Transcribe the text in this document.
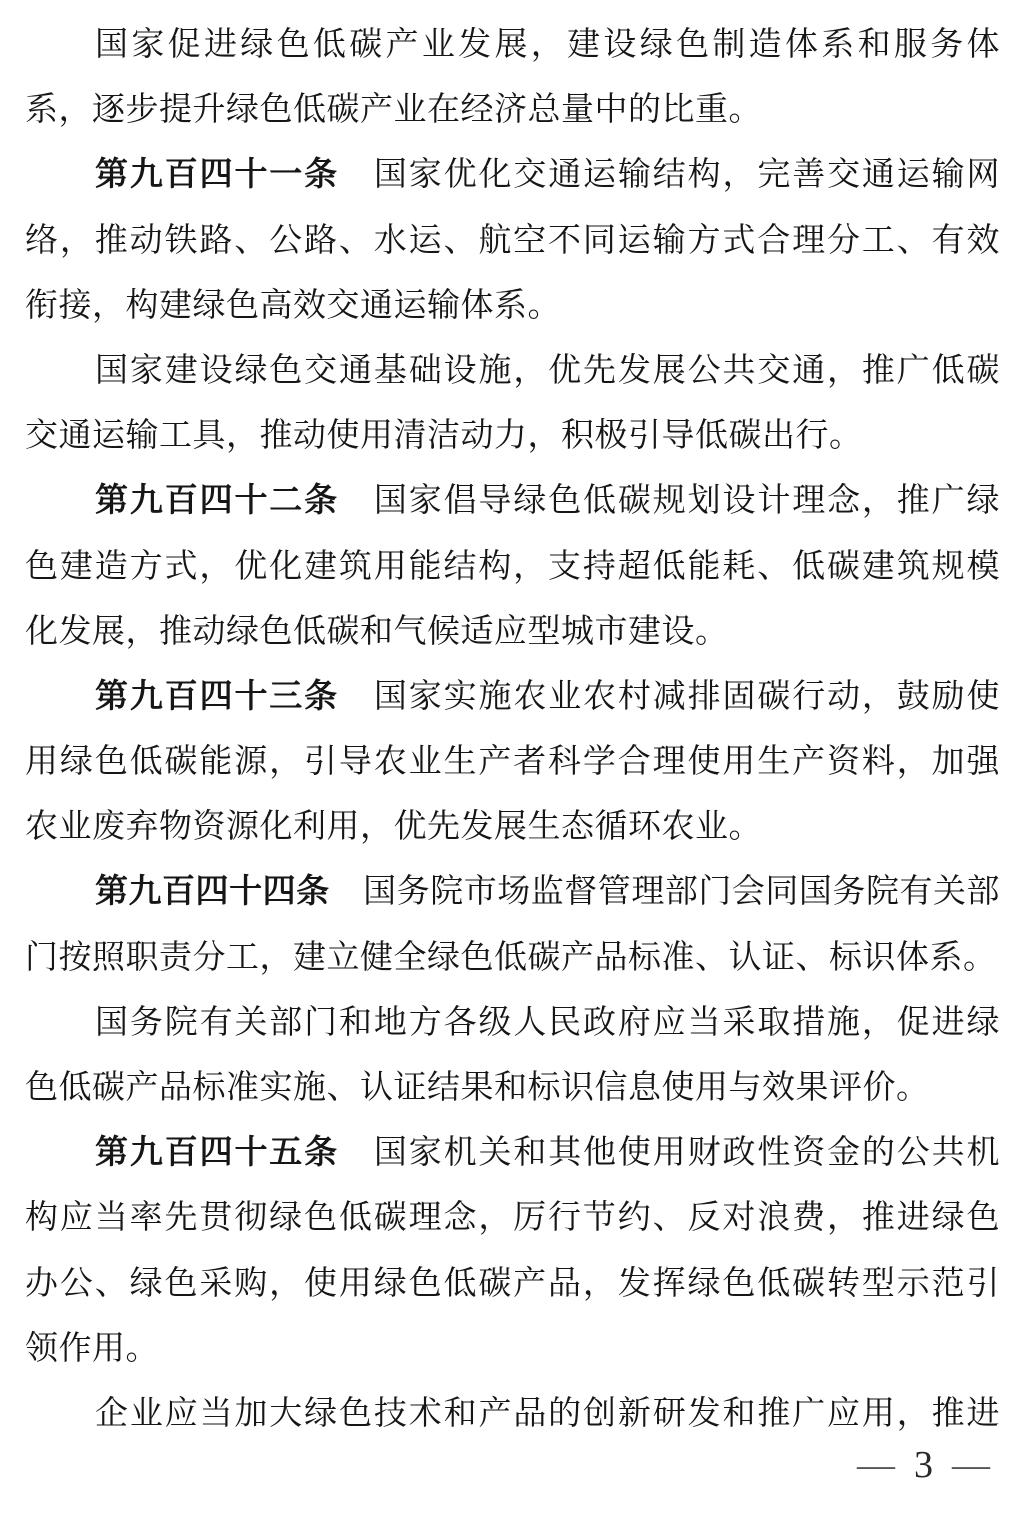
国家促进绿色低碳产业发展，建设绿色制造体系和服务体
系，逐步提升绿色低碳产业在经济总量中的比重。
第九百四十一条　国家优化交通运输结构，完善交通运输网
络，推动铁路、公路、水运、航空不同运输方式合理分工、有效
衔接，构建绿色高效交通运输体系。
国家建设绿色交通基础设施，优先发展公共交通，推广低碳
交通运输工具，推动使用清洁动力，积极引导低碳出行。
第九百四十二条　国家倡导绿色低碳规划设计理念，推广绿
色建造方式，优化建筑用能结构，支持超低能耗、低碳建筑规模
化发展，推动绿色低碳和气候适应型城市建设。
第九百四十三条　国家实施农业农村减排固碳行动，鼓励使
用绿色低碳能源，引导农业生产者科学合理使用生产资料，加强
农业废弃物资源化利用，优先发展生态循环农业。
第九百四十四条　国务院市场监督管理部门会同国务院有关部
门按照职责分工，建立健全绿色低碳产品标准、认证、标识体系。
国务院有关部门和地方各级人民政府应当采取措施，促进绿
色低碳产品标准实施、认证结果和标识信息使用与效果评价。
第九百四十五条　国家机关和其他使用财政性资金的公共机
构应当率先贯彻绿色低碳理念，厉行节约、反对浪费，推进绿色
办公、绿色采购，使用绿色低碳产品，发挥绿色低碳转型示范引
领作用。
企业应当加大绿色技术和产品的创新研发和推广应用，推进
— 3 —
